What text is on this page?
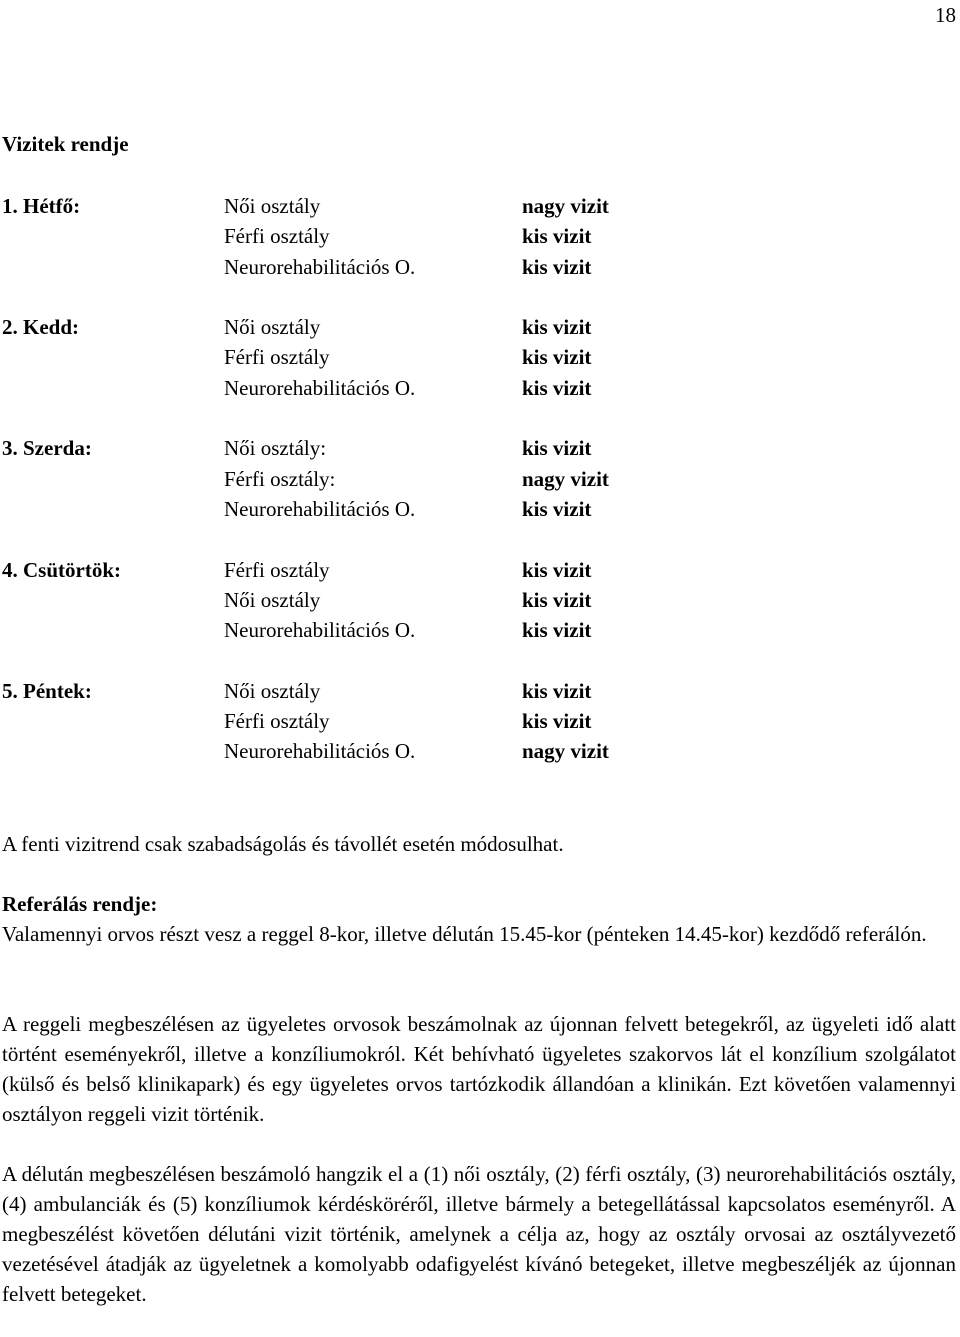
18
Vizitek rendje
1. Hétfő:	Női osztály	nagy vizit
Férfi osztály	kis vizit
Neurorehabilitációs O.	kis vizit
2. Kedd:	Női osztály	kis vizit
Férfi osztály	kis vizit
Neurorehabilitációs O.	kis vizit
3. Szerda:	Női osztály:	kis vizit
Férfi osztály:	nagy vizit
Neurorehabilitációs O.	kis vizit
4. Csütörtök:	Férfi osztály	kis vizit
Női osztály	kis vizit
Neurorehabilitációs O.	kis vizit
5. Péntek:	Női osztály	kis vizit
Férfi osztály	kis vizit
Neurorehabilitációs O.	nagy vizit

A fenti vizitrend csak szabadságolás és távollét esetén módosulhat.

Referálás rendje:

Valamennyi orvos részt vesz a reggel 8-kor, illetve délután 15.45-kor (pénteken 14.45-kor) kezdődő referálón.

A reggeli megbeszélésen az ügyeletes orvosok beszámolnak az újonnan felvett betegekről, az ügyeleti idő alatt történt eseményekről, illetve a konzíliumokról. Két behívható ügyeletes szakorvos lát el konzílium szolgálatot (külső és belső klinikapark) és egy ügyeletes orvos tartózkodik állandóan a klinikán. Ezt követően valamennyi osztályon reggeli vizit történik.

A délután megbeszélésen beszámoló hangzik el a (1) női osztály, (2) férfi osztály, (3) neurorehabilitációs osztály, (4) ambulanciák és (5) konzíliumok kérdésköréről, illetve bármely a betegellátással kapcsolatos eseményről. A megbeszélést követően délutáni vizit történik, amelynek a célja az, hogy az osztály orvosai az osztályvezető vezetésével átadják az ügyeletnek a komolyabb odafigyelést kívánó betegeket, illetve megbeszéljék az újonnan felvett betegeket.
